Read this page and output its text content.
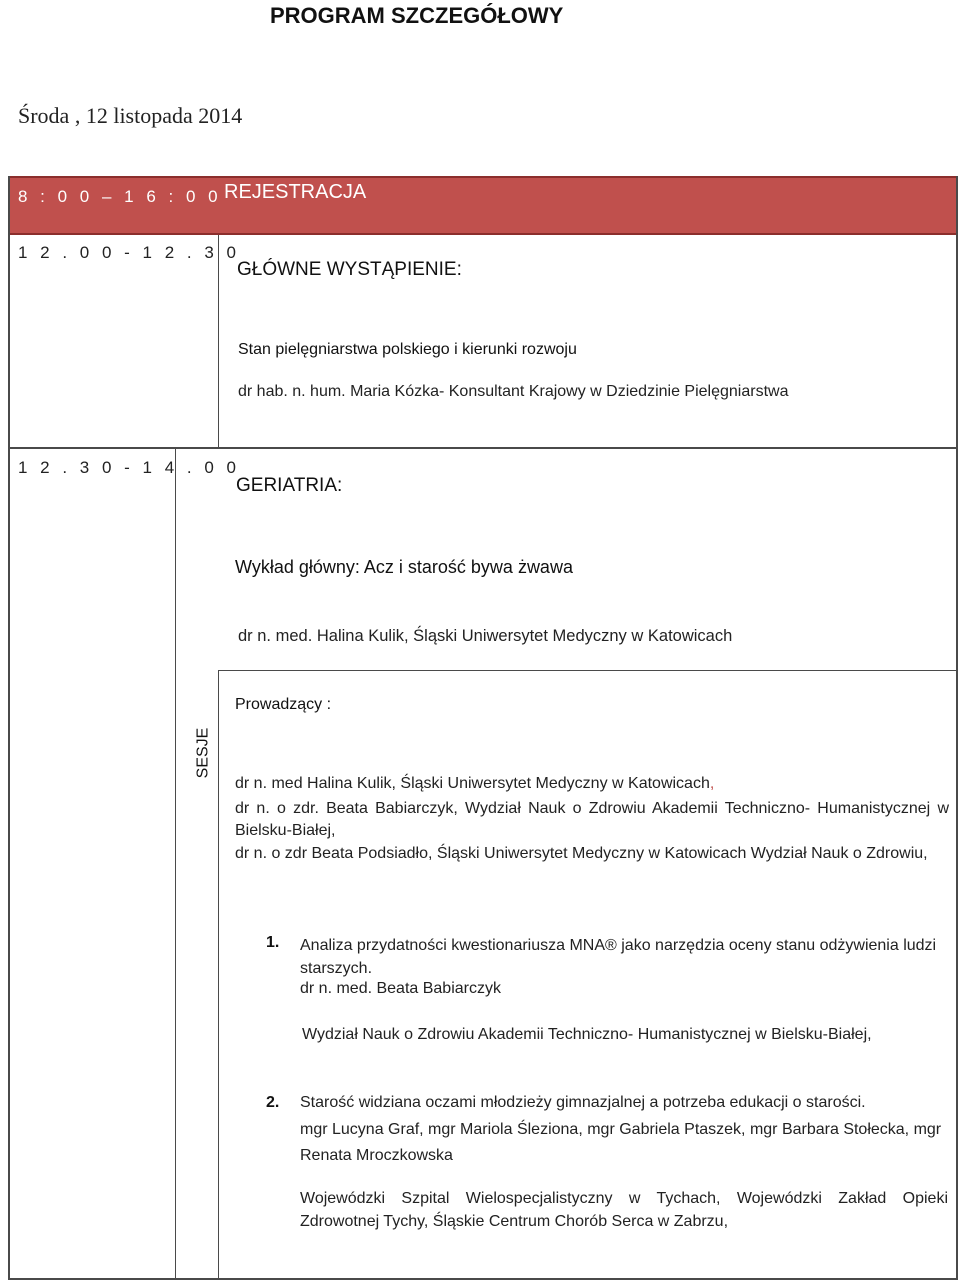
PROGRAM SZCZEGÓŁOWY
Środa , 12 listopada 2014
8 : 0 0 – 1 6 : 0 0 REJESTRACJA
1 2 . 0 0 - 1 2 . 3 0
GŁÓWNE WYSTĄPIENIE:
Stan pielęgniarstwa polskiego i kierunki rozwoju
dr hab. n. hum. Maria Kózka- Konsultant Krajowy w Dziedzinie Pielęgniarstwa
1 2 . 3 0 - 1 4 . 0 0
GERIATRIA:
Wykład główny: Acz i starość bywa żwawa
dr n. med. Halina Kulik, Śląski Uniwersytet Medyczny w Katowicach
SESJE
Prowadzący :
dr n. med Halina Kulik, Śląski Uniwersytet Medyczny w Katowicach,
dr n. o zdr. Beata Babiarczyk, Wydział Nauk o Zdrowiu Akademii Techniczno- Humanistycznej w Bielsku-Białej,
dr n. o zdr Beata Podsiadło, Śląski Uniwersytet Medyczny w Katowicach Wydział Nauk o Zdrowiu,
1. Analiza przydatności kwestionariusza MNA® jako narzędzia oceny stanu odżywienia ludzi starszych.
dr n. med. Beata Babiarczyk
Wydział Nauk o Zdrowiu Akademii Techniczno- Humanistycznej w Bielsku-Białej,
2. Starość widziana oczami młodzieży gimnazjalnej a potrzeba edukacji o starości.
mgr Lucyna Graf, mgr Mariola Śleziona, mgr Gabriela Ptaszek, mgr Barbara Stołecka, mgr Renata Mroczkowska
Wojewódzki Szpital Wielospecjalistyczny w Tychach, Wojewódzki Zakład Opieki Zdrowotnej Tychy, Śląskie Centrum Chorób Serca w Zabrzu,
